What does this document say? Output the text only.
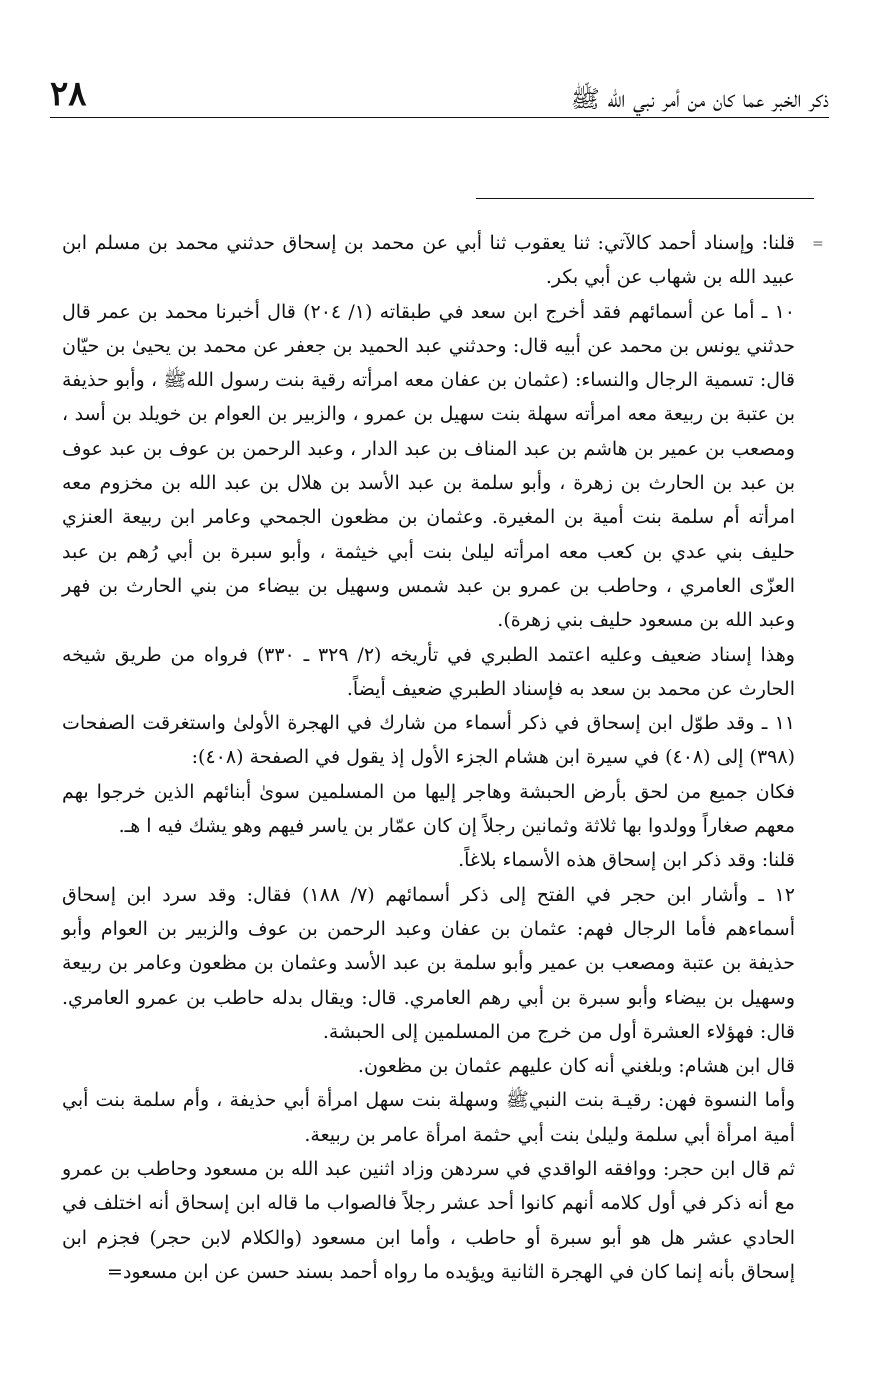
ذكر الخبر عما كان من أمر نبي الله ﷺ
٢٨
=

قلنا: وإسناد أحمد كالآتي: ثنا يعقوب ثنا أبي عن محمد بن إسحاق حدثني محمد بن مسلم ابن عبيد الله بن شهاب عن أبي بكر.

١٠ ـ أما عن أسمائهم فقد أخرج ابن سعد في طبقاته (١/ ٢٠٤) قال أخبرنا محمد بن عمر قال حدثني يونس بن محمد عن أبيه قال: وحدثني عبد الحميد بن جعفر عن محمد بن يحيىٰ بن حيّان قال: تسمية الرجال والنساء: (عثمان بن عفان معه امرأته رقية بنت رسول اللهﷺ ، وأبو حذيفة بن عتبة بن ربيعة معه امرأته سهلة بنت سهيل بن عمرو ، والزبير بن العوام بن خويلد بن أسد ، ومصعب بن عمير بن هاشم بن عبد المناف بن عبد الدار ، وعبد الرحمن بن عوف بن عبد عوف بن عبد بن الحارث بن زهرة ، وأبو سلمة بن عبد الأسد بن هلال بن عبد الله بن مخزوم معه امرأته أم سلمة بنت أمية بن المغيرة. وعثمان بن مظعون الجمحي وعامر ابن ربيعة العنزي حليف بني عدي بن كعب معه امرأته ليلىٰ بنت أبي خيثمة ، وأبو سبرة بن أبي رُهم بن عبد العزّى العامري ، وحاطب بن عمرو بن عبد شمس وسهيل بن بيضاء من بني الحارث بن فهر وعبد الله بن مسعود حليف بني زهرة).

وهذا إسناد ضعيف وعليه اعتمد الطبري في تأريخه (٢/ ٣٢٩ ـ ٣٣٠) فرواه من طريق شيخه الحارث عن محمد بن سعد به فإسناد الطبري ضعيف أيضاً.

١١ ـ وقد طوّل ابن إسحاق في ذكر أسماء من شارك في الهجرة الأولىٰ واستغرقت الصفحات (٣٩٨) إلى (٤٠٨) في سيرة ابن هشام الجزء الأول إذ يقول في الصفحة (٤٠٨):

فكان جميع من لحق بأرض الحبشة وهاجر إليها من المسلمين سوىٰ أبنائهم الذين خرجوا بهم معهم صغاراً وولدوا بها ثلاثة وثمانين رجلاً إن كان عمّار بن ياسر فيهم وهو يشك فيه ا هـ.

قلنا: وقد ذكر ابن إسحاق هذه الأسماء بلاغاً.

١٢ ـ وأشار ابن حجر في الفتح إلى ذكر أسمائهم (٧/ ١٨٨) فقال: وقد سرد ابن إسحاق أسماءهم فأما الرجال فهم: عثمان بن عفان وعبد الرحمن بن عوف والزبير بن العوام وأبو حذيفة بن عتبة ومصعب بن عمير وأبو سلمة بن عبد الأسد وعثمان بن مظعون وعامر بن ربيعة وسهيل بن بيضاء وأبو سبرة بن أبي رهم العامري. قال: ويقال بدله حاطب بن عمرو العامري. قال: فهؤلاء العشرة أول من خرج من المسلمين إلى الحبشة.

قال ابن هشام: وبلغني أنه كان عليهم عثمان بن مظعون.

وأما النسوة فهن: رقيـة بنت النبيﷺ وسهلة بنت سهل امرأة أبي حذيفة ، وأم سلمة بنت أبي أمية امرأة أبي سلمة وليلىٰ بنت أبي حثمة امرأة عامر بن ربيعة.

ثم قال ابن حجر: ووافقه الواقدي في سردهن وزاد اثنين عبد الله بن مسعود وحاطب بن عمرو مع أنه ذكر في أول كلامه أنهم كانوا أحد عشر رجلاً فالصواب ما قاله ابن إسحاق أنه اختلف في الحادي عشر هل هو أبو سبرة أو حاطب ، وأما ابن مسعود (والكلام لابن حجر) فجزم ابن إسحاق بأنه إنما كان في الهجرة الثانية ويؤيده ما رواه أحمد بسند حسن عن ابن مسعود=
